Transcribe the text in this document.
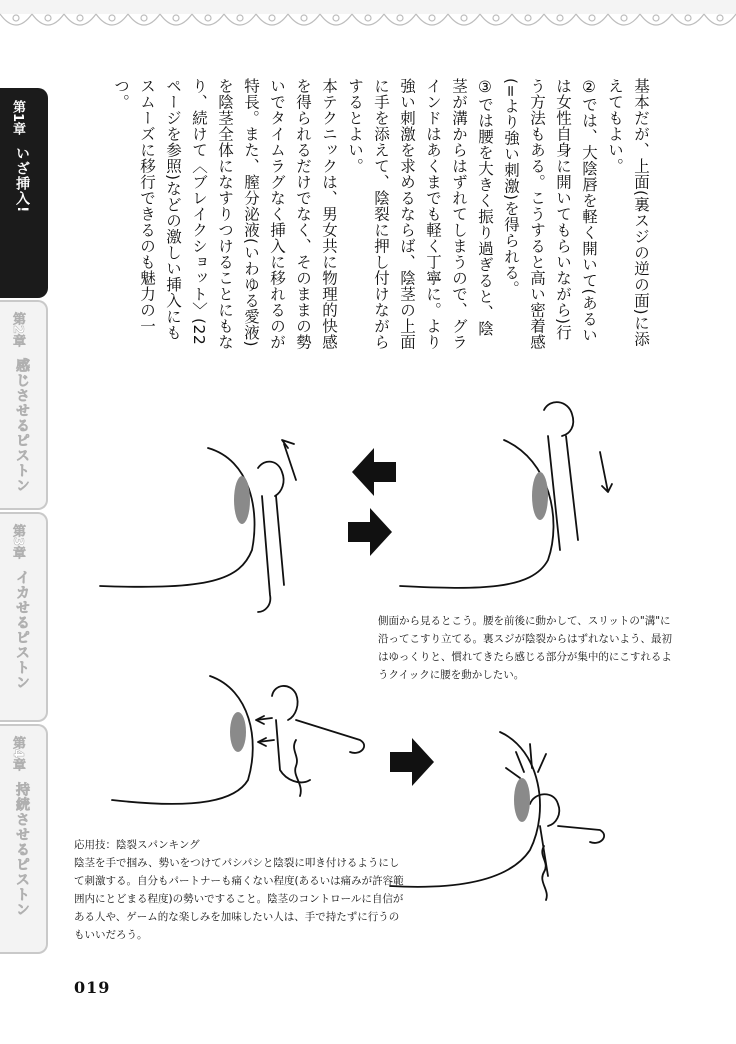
第1章
いざ挿入!
第2章
感じさせるピストン
第3章
イカせるピストン
第4章
持続させるピストン

基本だが、上面(裏スジの逆の面)に添えてもよい。

②では、大陰唇を軽く開いて(あるいは女性自身に開いてもらいながら)行う方法もある。こうすると高い密着感(=より強い刺激)を得られる。

③では腰を大きく振り過ぎると、陰茎が溝からはずれてしまうので、グラインドはあくまでも軽く丁寧に。より強い刺激を求めるならば、陰茎の上面に手を添えて、陰裂に押し付けながらするとよい。

本テクニックは、男女共に物理的快感を得られるだけでなく、そのままの勢いでタイムラグなく挿入に移れるのが特長。また、膣分泌液(いわゆる愛液)を陰茎全体になすりつけることにもなり、続けて〈ブレイクショット〉(22ページを参照)などの激しい挿入にもスムーズに移行できるのも魅力の一つ。

側面から見るとこう。腰を前後に動かして、スリットの"溝"に沿ってこすり立てる。裏スジが陰裂からはずれないよう、最初はゆっくりと、慣れてきたら感じる部分が集中的にこすれるようクイックに腰を動かしたい。
応用技：陰裂スパンキング
陰茎を手で掴み、勢いをつけてパシパシと陰裂に叩き付けるようにして刺激する。自分もパートナーも痛くない程度(あるいは痛みが許容範囲内にとどまる程度)の勢いですること。陰茎のコントロールに自信がある人や、ゲーム的な楽しみを加味したい人は、手で持たずに行うのもいいだろう。
019
